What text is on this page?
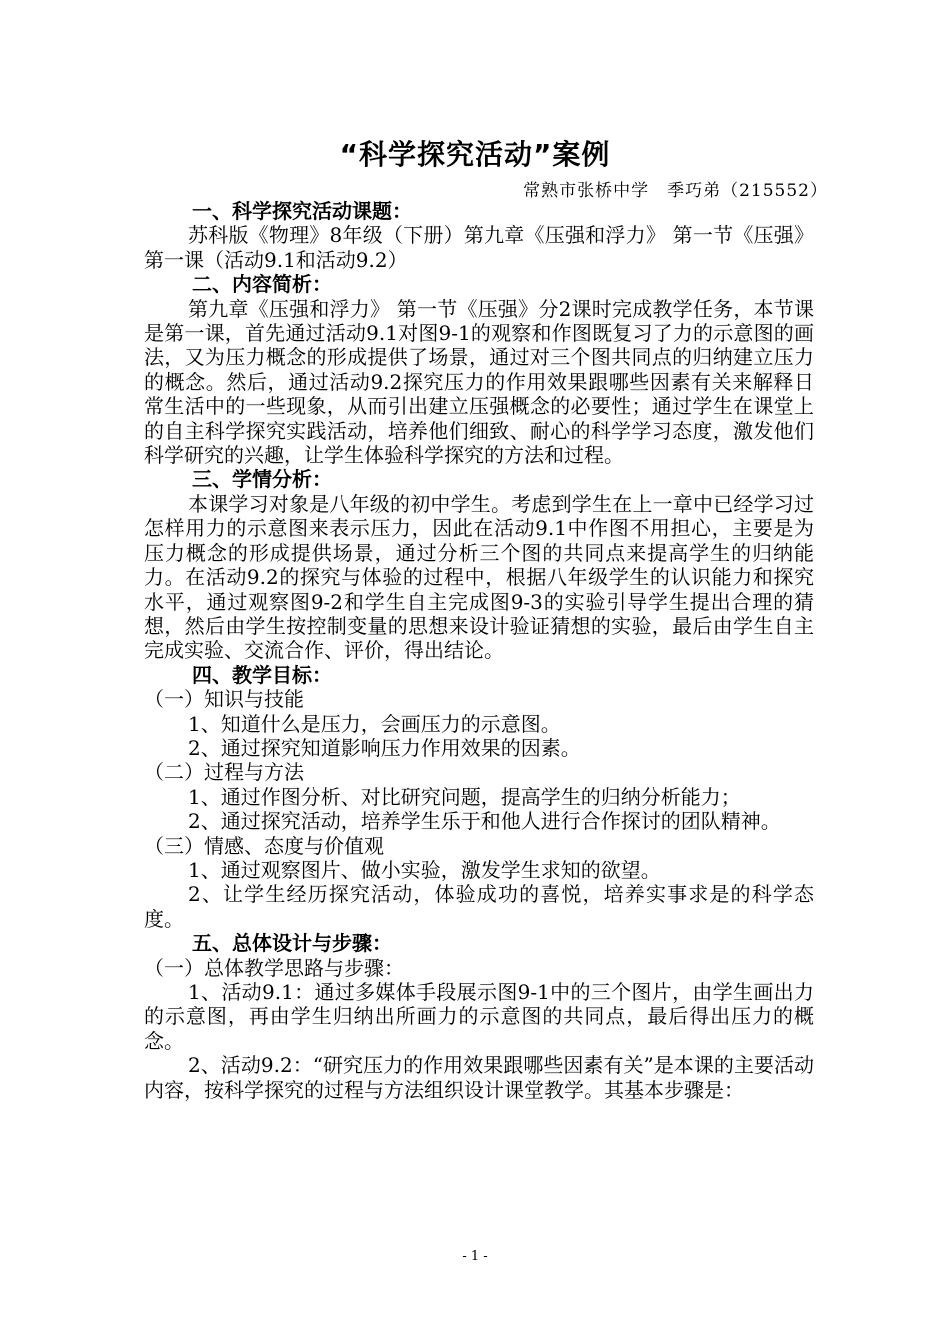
“科学探究活动”案例
常熟市张桥中学　季巧弟（215552）

一、科学探究活动课题：

苏科版《物理》8年级（下册）第九章《压强和浮力》 第一节《压强》第一课（活动9.1和活动9.2）

二、内容简析：

第九章《压强和浮力》 第一节《压强》分2课时完成教学任务，本节课是第一课，首先通过活动9.1对图9-1的观察和作图既复习了力的示意图的画法，又为压力概念的形成提供了场景，通过对三个图共同点的归纳建立压力的概念。然后，通过活动9.2探究压力的作用效果跟哪些因素有关来解释日常生活中的一些现象，从而引出建立压强概念的必要性；通过学生在课堂上的自主科学探究实践活动，培养他们细致、耐心的科学学习态度，激发他们科学研究的兴趣，让学生体验科学探究的方法和过程。

三、学情分析：

本课学习对象是八年级的初中学生。考虑到学生在上一章中已经学习过怎样用力的示意图来表示压力，因此在活动9.1中作图不用担心，主要是为压力概念的形成提供场景，通过分析三个图的共同点来提高学生的归纳能力。在活动9.2的探究与体验的过程中，根据八年级学生的认识能力和探究水平，通过观察图9-2和学生自主完成图9-3的实验引导学生提出合理的猜想，然后由学生按控制变量的思想来设计验证猜想的实验，最后由学生自主完成实验、交流合作、评价，得出结论。

四、教学目标：

（一）知识与技能

1、知道什么是压力，会画压力的示意图。

2、通过探究知道影响压力作用效果的因素。

（二）过程与方法

1、通过作图分析、对比研究问题，提高学生的归纳分析能力；

2、通过探究活动，培养学生乐于和他人进行合作探讨的团队精神。

（三）情感、态度与价值观

1、通过观察图片、做小实验，激发学生求知的欲望。

2、让学生经历探究活动，体验成功的喜悦，培养实事求是的科学态度。

五、总体设计与步骤：

（一）总体教学思路与步骤：

1、活动9.1：通过多媒体手段展示图9-1中的三个图片，由学生画出力的示意图，再由学生归纳出所画力的示意图的共同点，最后得出压力的概念。

2、活动9.2：“研究压力的作用效果跟哪些因素有关”是本课的主要活动内容，按科学探究的过程与方法组织设计课堂教学。其基本步骤是：

- 1 -
